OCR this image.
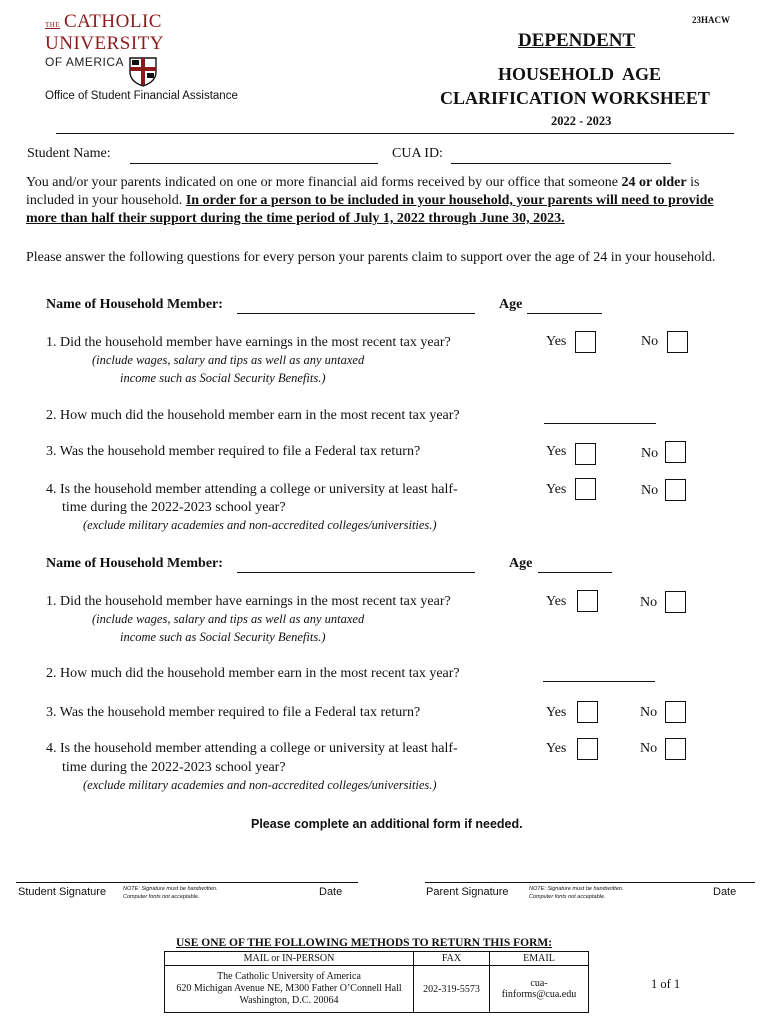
23HACW
THE CATHOLIC
UNIVERSITY
OF AMERICA
Office of Student Financial Assistance
DEPENDENT
HOUSEHOLD  AGE
CLARIFICATION WORKSHEET
2022 - 2023
Student Name:	CUA ID:
You and/or your parents indicated on one or more financial aid forms received by our office that someone 24 or older is included in your household. In order for a person to be included in your household, your parents will need to provide more than half their support during the time period of July 1, 2022 through June 30, 2023.
Please answer the following questions for every person your parents claim to support over the age of 24 in your household.
Name of Household Member:	Age
1. Did the household member have earnings in the most recent tax year?
(include wages, salary and tips as well as any untaxed
income such as Social Security Benefits.)
Yes	No
2. How much did the household member earn in the most recent tax year?
3. Was the household member required to file a Federal tax return?	Yes	No
4. Is the household member attending a college or university at least half-
time during the 2022-2023 school year?
(exclude military academies and non-accredited colleges/universities.)
Yes	No
Name of Household Member:	Age
1. Did the household member have earnings in the most recent tax year?
(include wages, salary and tips as well as any untaxed
income such as Social Security Benefits.)
Yes	No
2. How much did the household member earn in the most recent tax year?
3. Was the household member required to file a Federal tax return?	Yes	No
4. Is the household member attending a college or university at least half-
time during the 2022-2023 school year?
(exclude military academies and non-accredited colleges/universities.)
Yes	No
Please complete an additional form if needed.
Student Signature	NOTE: Signature must be handwritten.
Computer fonts not acceptable.	Date	Parent Signature	NOTE: Signature must be handwritten.
Computer fonts not acceptable.	Date
USE ONE OF THE FOLLOWING METHODS TO RETURN THIS FORM:
MAIL or IN-PERSON	FAX	EMAIL

The Catholic University of America
620 Michigan Avenue NE, M300 Father O’Connell Hall
Washington, D.C. 20064	202-319-5573	cua-finforms@cua.edu
1 of 1
